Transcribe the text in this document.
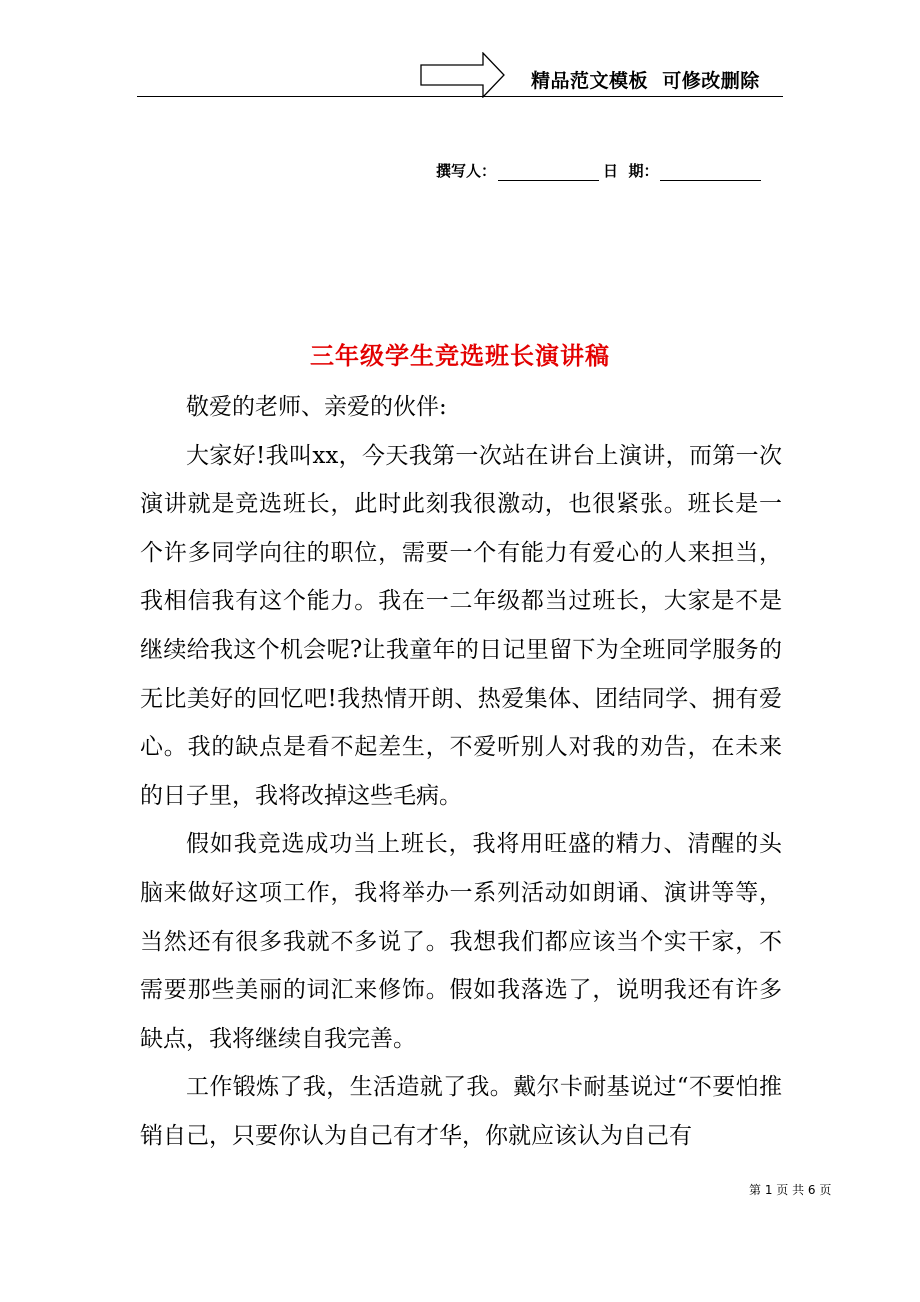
精品范文模板  可修改删除
撰写人：	日  期：
三年级学生竞选班长演讲稿

敬爱的老师、亲爱的伙伴:

大家好!我叫xx，今天我第一次站在讲台上演讲，而第一次演讲就是竞选班长，此时此刻我很激动，也很紧张。班长是一个许多同学向往的职位，需要一个有能力有爱心的人来担当，我相信我有这个能力。我在一二年级都当过班长，大家是不是继续给我这个机会呢?让我童年的日记里留下为全班同学服务的无比美好的回忆吧!我热情开朗、热爱集体、团结同学、拥有爱心。我的缺点是看不起差生，不爱听别人对我的劝告，在未来的日子里，我将改掉这些毛病。

假如我竞选成功当上班长，我将用旺盛的精力、清醒的头脑来做好这项工作，我将举办一系列活动如朗诵、演讲等等，当然还有很多我就不多说了。我想我们都应该当个实干家，不需要那些美丽的词汇来修饰。假如我落选了，说明我还有许多缺点，我将继续自我完善。

工作锻炼了我，生活造就了我。戴尔卡耐基说过“不要怕推销自己，只要你认为自己有才华，你就应该认为自己有

第 1 页 共 6 页
